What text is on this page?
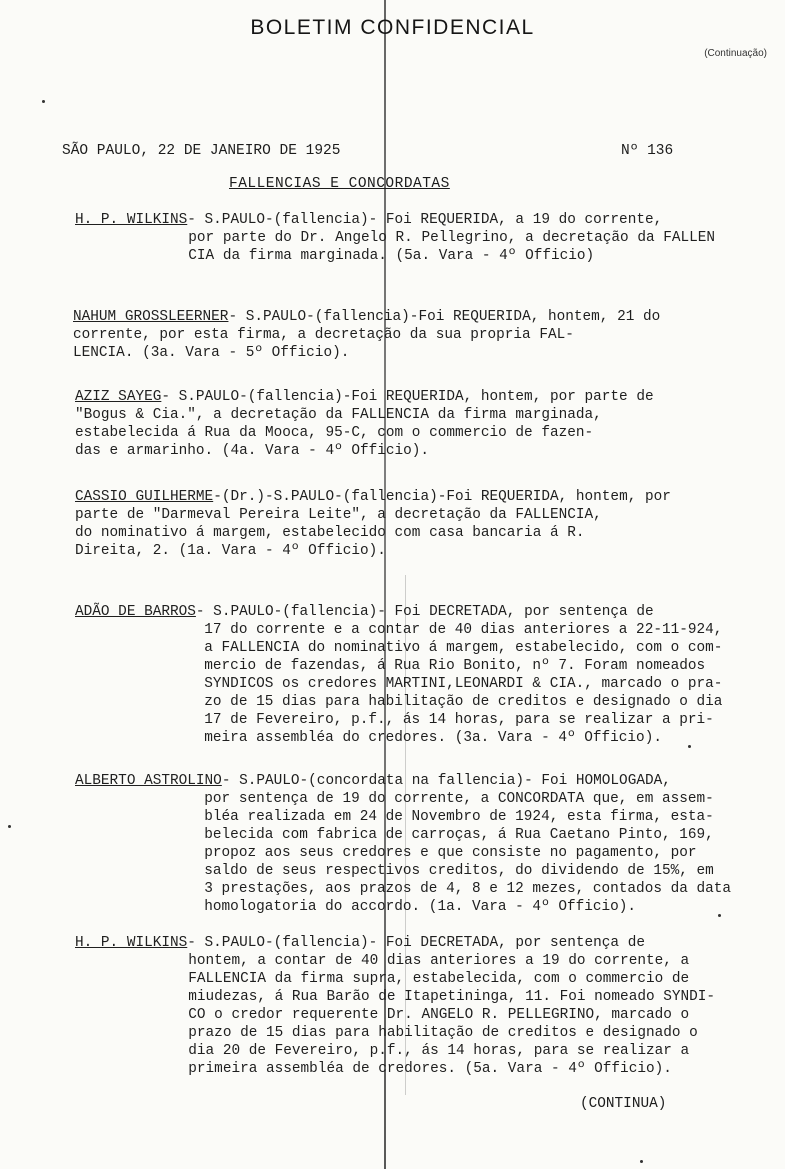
BOLETIM CONFIDENCIAL
(Continuação)
SÃO PAULO, 22 DE JANEIRO DE 1925	Nº 136
FALLENCIAS E CONCORDATAS

H. P. WILKINS- S.PAULO-(fallencia)- Foi REQUERIDA, a 19 do corrente,
por parte do Dr. Angelo R. Pellegrino, a decretação da FALLEN
CIA da firma marginada. (5a. Vara - 4º Officio)

NAHUM GROSSLEERNER- S.PAULO-(fallencia)-Foi REQUERIDA, hontem, 21 do
corrente, por esta firma, a decretação da sua propria FAL-
LENCIA. (3a. Vara - 5º Officio).

AZIZ SAYEG- S.PAULO-(fallencia)-Foi REQUERIDA, hontem, por parte de
"Bogus & Cia.", a decretação da FALLENCIA da firma marginada,
estabelecida á Rua da Mooca, 95-C, com o commercio de fazen-
das e armarinho. (4a. Vara - 4º Officio).

CASSIO GUILHERME-(Dr.)-S.PAULO-(fallencia)-Foi REQUERIDA, hontem, por
parte de "Darmeval Pereira Leite", a decretação da FALLENCIA,
do nominativo á margem, estabelecido com casa bancaria á R.
Direita, 2. (1a. Vara - 4º Officio).

ADÃO DE BARROS- S.PAULO-(fallencia)- Foi DECRETADA, por sentença de
17 do corrente e a contar de 40 dias anteriores a 22-11-924,
a FALLENCIA do nominativo á margem, estabelecido, com o com-
mercio de fazendas, á Rua Rio Bonito, nº 7. Foram nomeados
SYNDICOS os credores MARTINI,LEONARDI & CIA., marcado o pra-
zo de 15 dias para habilitação de creditos e designado o dia
17 de Fevereiro, p.f., ás 14 horas, para se realizar a pri-
meira assembléa do credores. (3a. Vara - 4º Officio).

ALBERTO ASTROLINO- S.PAULO-(concordata na fallencia)- Foi HOMOLOGADA,
por sentença de 19 do corrente, a CONCORDATA que, em assem-
bléa realizada em 24 de Novembro de 1924, esta firma, esta-
belecida com fabrica de carroças, á Rua Caetano Pinto, 169,
propoz aos seus credores e que consiste no pagamento, por
saldo de seus respectivos creditos, do dividendo de 15%, em
3 prestações, aos prazos de 4, 8 e 12 mezes, contados da data
homologatoria do accordo. (1a. Vara - 4º Officio).

H. P. WILKINS- S.PAULO-(fallencia)- Foi DECRETADA, por sentença de
hontem, a contar de 40 dias anteriores a 19 do corrente, a
FALLENCIA da firma supra, estabelecida, com o commercio de
miudezas, á Rua Barão de Itapetininga, 11. Foi nomeado SYNDI-
CO o credor requerente Dr. ANGELO R. PELLEGRINO, marcado o
prazo de 15 dias para habilitação de creditos e designado o
dia 20 de Fevereiro, p.f., ás 14 horas, para se realizar a
primeira assembléa de credores. (5a. Vara - 4º Officio).

(CONTINUA)
